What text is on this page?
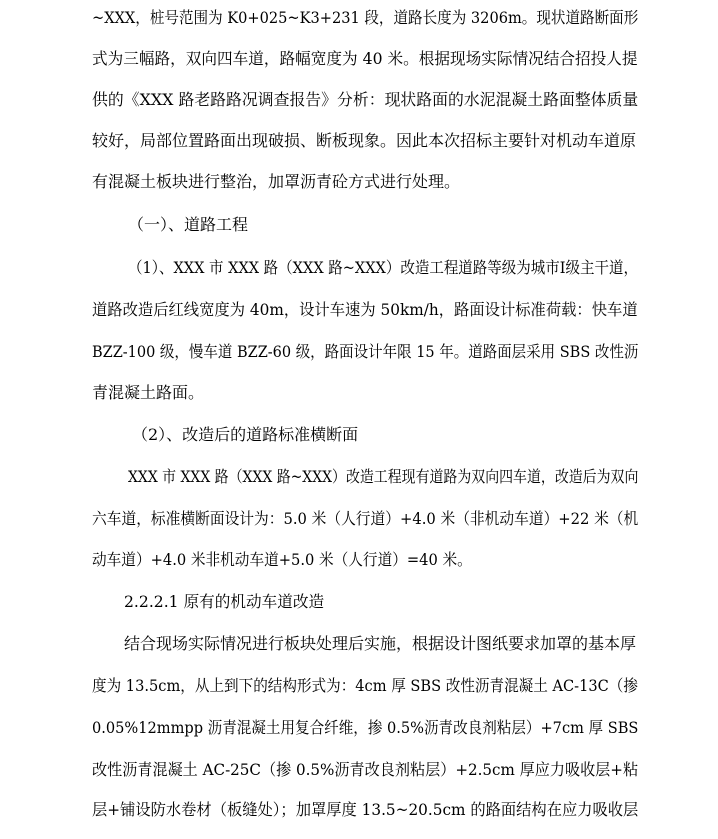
~XXX，桩号范围为 K0+025~K3+231 段，道路长度为 3206m。现状道路断面形
式为三幅路，双向四车道，路幅宽度为 40 米。根据现场实际情况结合招投人提
供的《XXX 路老路路况调查报告》分析：现状路面的水泥混凝土路面整体质量
较好，局部位置路面出现破损、断板现象。因此本次招标主要针对机动车道原
有混凝土板块进行整治，加罩沥青砼方式进行处理。
（一）、道路工程
（1）、XXX 市 XXX 路（XXX 路~XXX）改造工程道路等级为城市Ⅰ级主干道，
道路改造后红线宽度为 40m，设计车速为 50km/h，路面设计标准荷载：快车道
BZZ-100 级，慢车道 BZZ-60 级，路面设计年限 15 年。道路面层采用 SBS 改性沥
青混凝土路面。
（2）、改造后的道路标准横断面
XXX 市 XXX 路（XXX 路~XXX）改造工程现有道路为双向四车道，改造后为双向
六车道，标准横断面设计为：5.0 米（人行道）+4.0 米（非机动车道）+22 米（机
动车道）+4.0 米非机动车道+5.0 米（人行道）=40 米。
2.2.2.1 原有的机动车道改造
结合现场实际情况进行板块处理后实施，根据设计图纸要求加罩的基本厚
度为 13.5cm，从上到下的结构形式为：4cm 厚 SBS 改性沥青混凝土 AC-13C（掺
0.05%12mmpp 沥青混凝土用复合纤维，掺 0.5%沥青改良剂粘层）+7cm 厚 SBS
改性沥青混凝土 AC-25C（掺 0.5%沥青改良剂粘层）+2.5cm 厚应力吸收层+粘
层+铺设防水卷材（板缝处）；加罩厚度 13.5~20.5cm 的路面结构在应力吸收层
